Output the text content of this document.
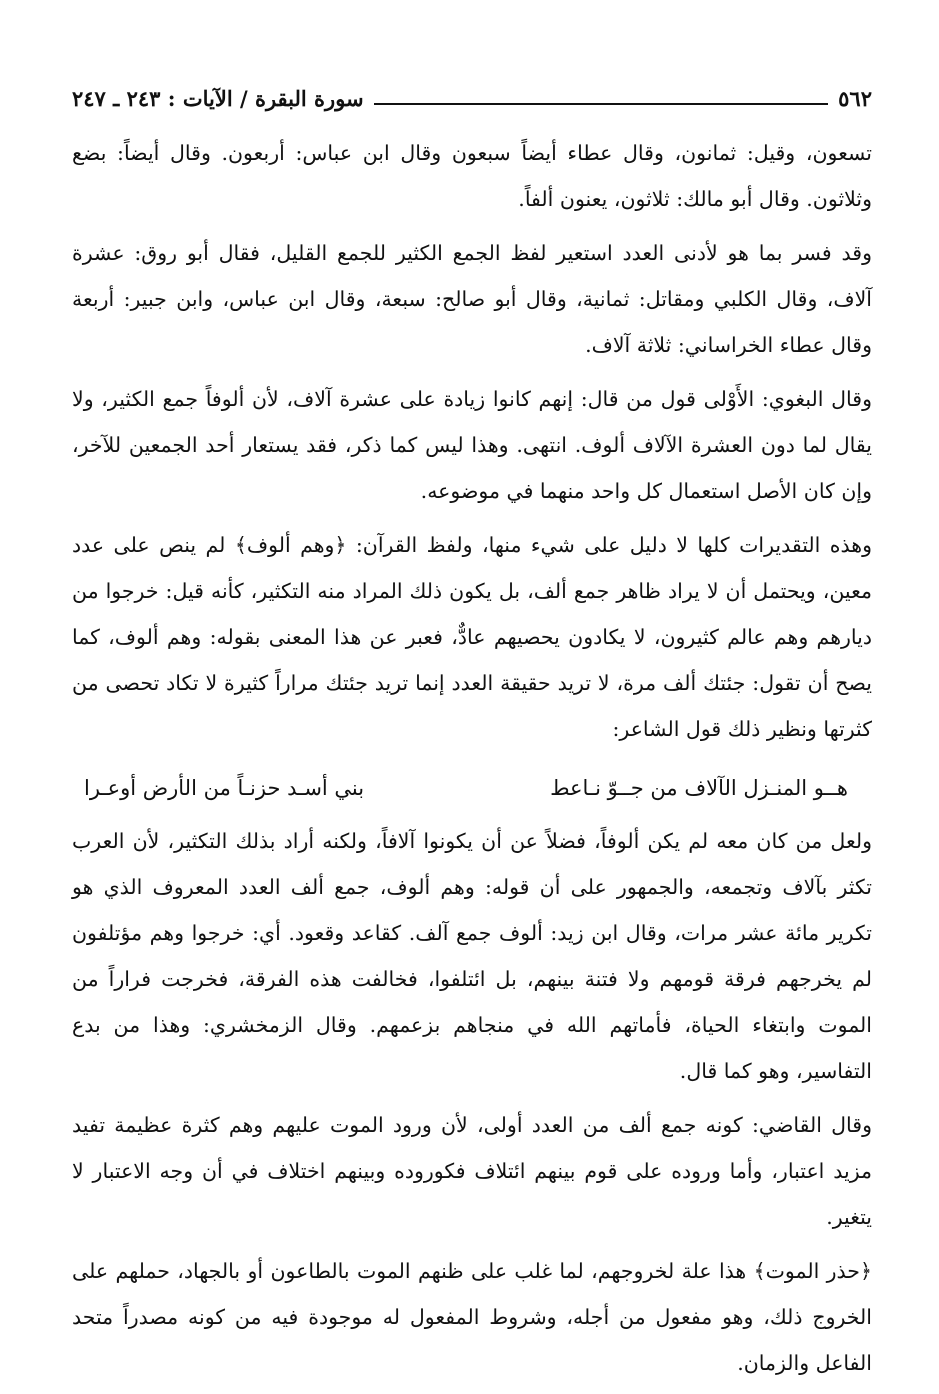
٥٦٢
سورة البقرة / الآيات : ٢٤٣ ـ ٢٤٧

تسعون، وقيل: ثمانون، وقال عطاء أيضاً سبعون وقال ابن عباس: أربعون. وقال أيضاً: بضع وثلاثون. وقال أبو مالك: ثلاثون، يعنون ألفاً.

وقد فسر بما هو لأدنى العدد استعير لفظ الجمع الكثير للجمع القليل، فقال أبو روق: عشرة آلاف، وقال الكلبي ومقاتل: ثمانية، وقال أبو صالح: سبعة، وقال ابن عباس، وابن جبير: أربعة وقال عطاء الخراساني: ثلاثة آلاف.

وقال البغوي: الأَوْلى قول من قال: إنهم كانوا زيادة على عشرة آلاف، لأن ألوفاً جمع الكثير، ولا يقال لما دون العشرة الآلاف ألوف. انتهى. وهذا ليس كما ذكر، فقد يستعار أحد الجمعين للآخر، وإن كان الأصل استعمال كل واحد منهما في موضوعه.

وهذه التقديرات كلها لا دليل على شيء منها، ولفظ القرآن: ﴿وهم ألوف﴾ لم ينص على عدد معين، ويحتمل أن لا يراد ظاهر جمع ألف، بل يكون ذلك المراد منه التكثير، كأنه قيل: خرجوا من ديارهم وهم عالم كثيرون، لا يكادون يحصيهم عادٌّ، فعبر عن هذا المعنى بقوله: وهم ألوف، كما يصح أن تقول: جئتك ألف مرة، لا تريد حقيقة العدد إنما تريد جئتك مراراً كثيرة لا تكاد تحصى من كثرتها ونظير ذلك قول الشاعر:

هــو المنـزل الآلاف من جــوّ نـاعط
بني أسـد حزنـاً من الأرض أوعـرا

ولعل من كان معه لم يكن ألوفاً، فضلاً عن أن يكونوا آلافاً، ولكنه أراد بذلك التكثير، لأن العرب تكثر بآلاف وتجمعه، والجمهور على أن قوله: وهم ألوف، جمع ألف العدد المعروف الذي هو تكرير مائة عشر مرات، وقال ابن زيد: ألوف جمع آلف. كقاعد وقعود. أي: خرجوا وهم مؤتلفون لم يخرجهم فرقة قومهم ولا فتنة بينهم، بل ائتلفوا، فخالفت هذه الفرقة، فخرجت فراراً من الموت وابتغاء الحياة، فأماتهم الله في منجاهم بزعمهم. وقال الزمخشري: وهذا من بدع التفاسير، وهو كما قال.

وقال القاضي: كونه جمع ألف من العدد أولى، لأن ورود الموت عليهم وهم كثرة عظيمة تفيد مزيد اعتبار، وأما وروده على قوم بينهم ائتلاف فكوروده وبينهم اختلاف في أن وجه الاعتبار لا يتغير.

﴿حذر الموت﴾ هذا علة لخروجهم، لما غلب على ظنهم الموت بالطاعون أو بالجهاد، حملهم على الخروج ذلك، وهو مفعول من أجله، وشروط المفعول له موجودة فيه من كونه مصدراً متحد الفاعل والزمان.
